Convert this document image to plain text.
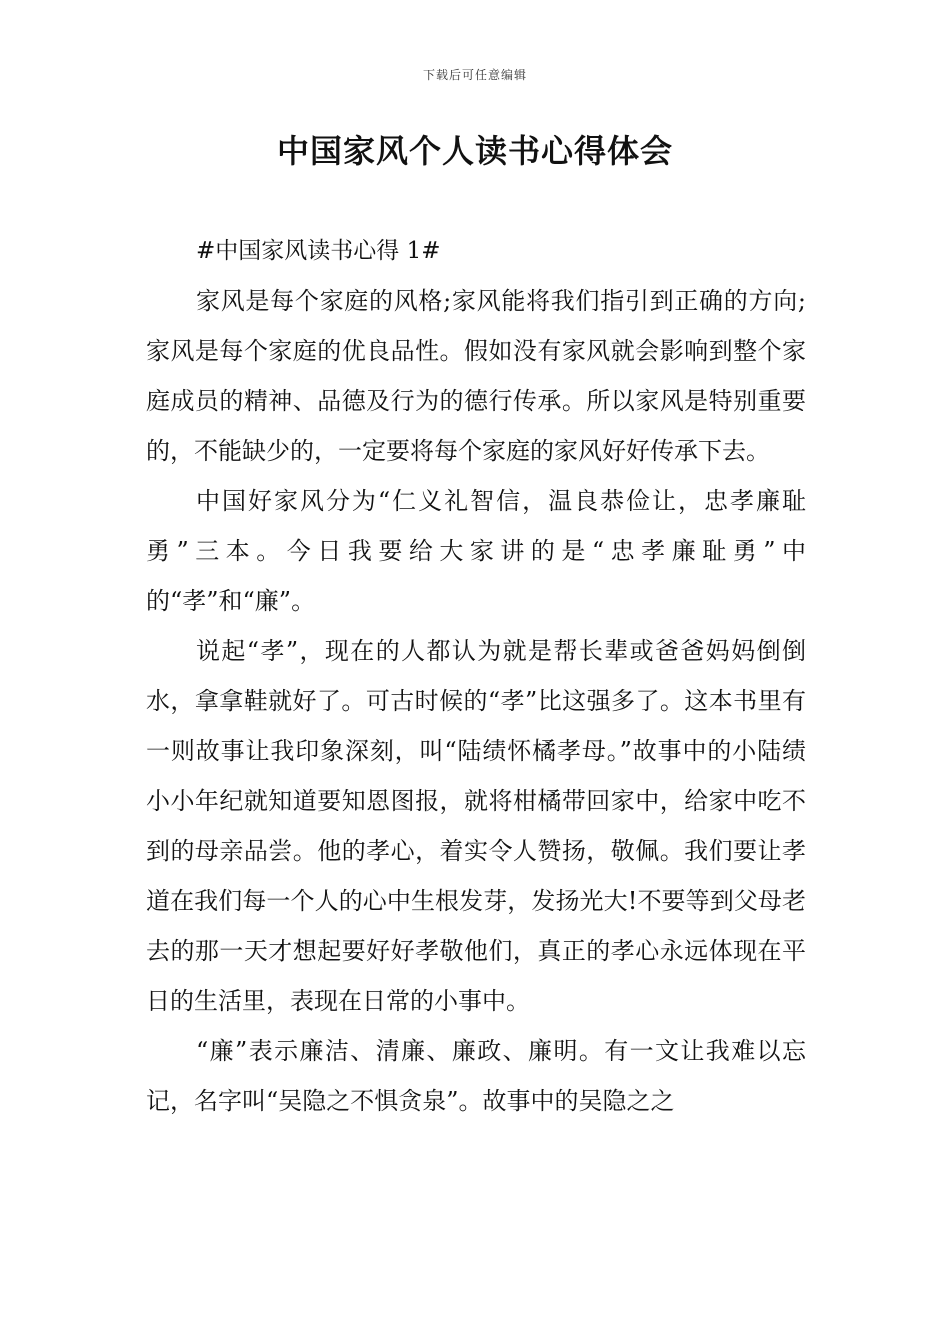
下载后可任意编辑
中国家风个人读书心得体会

#中国家风读书心得 1#

家风是每个家庭的风格;家风能将我们指引到正确的方向;家风是每个家庭的优良品性。假如没有家风就会影响到整个家庭成员的精神、品德及行为的德行传承。所以家风是特别重要的，不能缺少的，一定要将每个家庭的家风好好传承下去。

中国好家风分为“仁义礼智信，温良恭俭让，忠孝廉耻勇”三本。今日我要给大家讲的是“忠孝廉耻勇”中的“孝”和“廉”。

说起“孝”，现在的人都认为就是帮长辈或爸爸妈妈倒倒水，拿拿鞋就好了。可古时候的“孝”比这强多了。这本书里有一则故事让我印象深刻，叫“陆绩怀橘孝母。”故事中的小陆绩小小年纪就知道要知恩图报，就将柑橘带回家中，给家中吃不到的母亲品尝。他的孝心，着实令人赞扬，敬佩。我们要让孝道在我们每一个人的心中生根发芽，发扬光大!不要等到父母老去的那一天才想起要好好孝敬他们，真正的孝心永远体现在平日的生活里，表现在日常的小事中。

“廉”表示廉洁、清廉、廉政、廉明。有一文让我难以忘记，名字叫“吴隐之不惧贪泉”。故事中的吴隐之之
